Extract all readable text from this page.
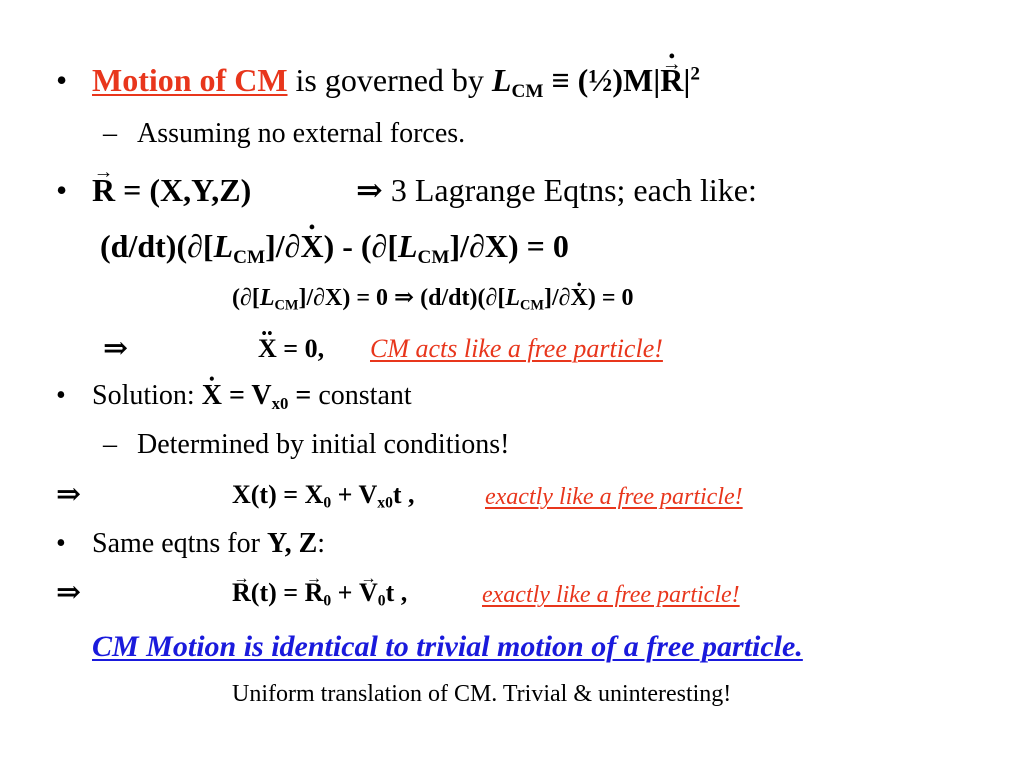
• Motion of CM is governed by $L_{CM}$ ≡ (½)M|→ R $•|^2$
– Assuming no external forces.
• → R = (X,Y,Z)	⇒ 3 Lagrange Eqtns; each like:
$(d/dt)(\partial[L_{CM}]/\partial X$ •) - $(\partial[L_{CM}]/\partial X) = 0$
$(\partial[L_{CM}]/\partial X) = 0$ ⇒ $(d/dt)(\partial[L_{CM}]/\partial X$ •) = 0
⇒	X •• = 0, CM acts like a free particle!
• Solution: X • = $V_{x0}$ = constant
– Determined by initial conditions!
⇒	$X(t) = X_0 + V_{x0}t$ ,	exactly like a free particle!
• Same eqtns for Y, Z:
⇒	→ R(t) = → $R_0$ + → $V_0t$ ,	exactly like a free particle!
CM Motion is identical to trivial motion of a free particle.
Uniform translation of CM. Trivial & uninteresting!
